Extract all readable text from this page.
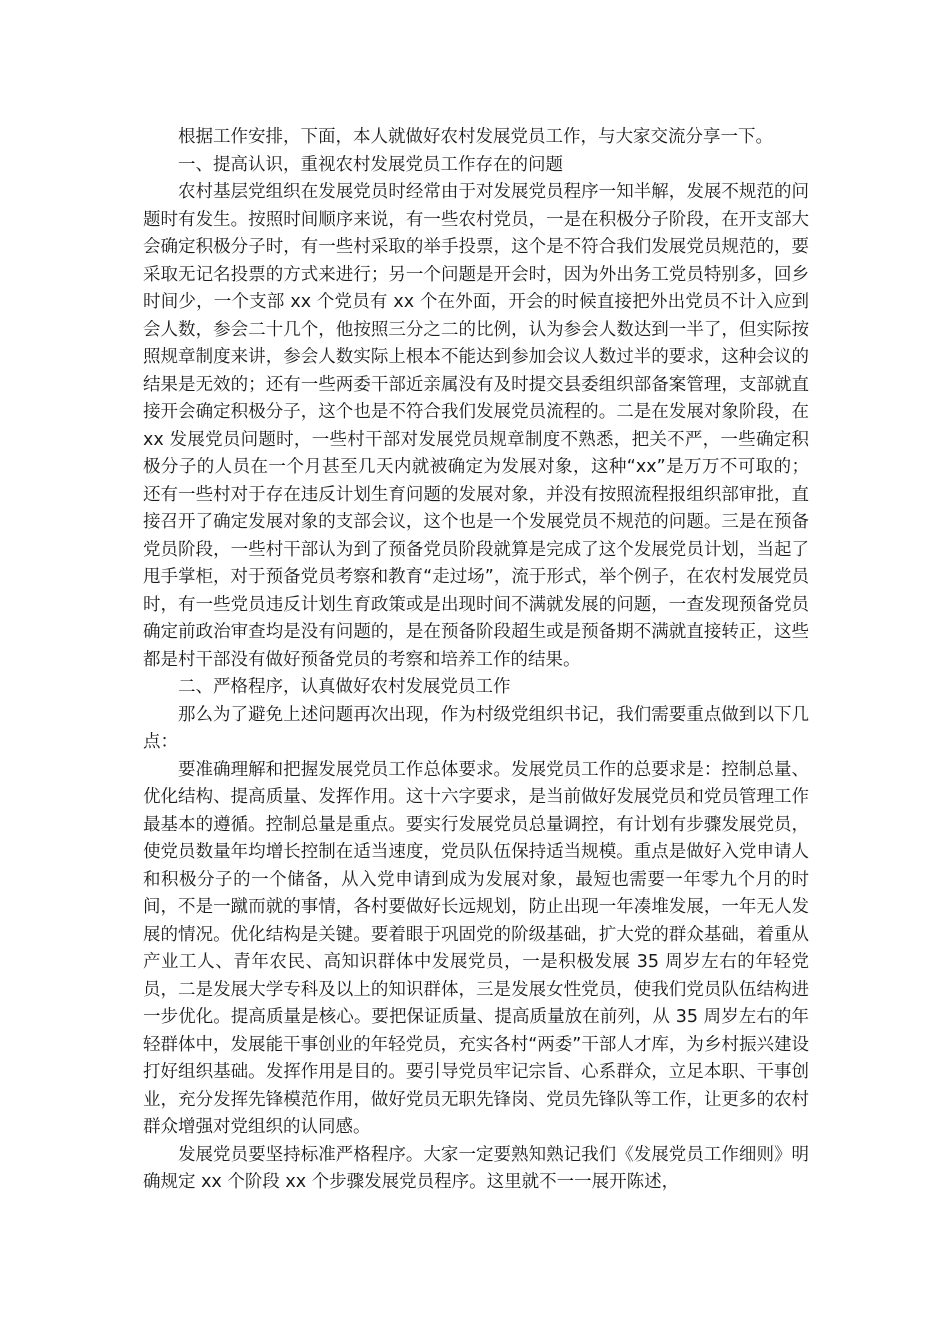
根据工作安排，下面，本人就做好农村发展党员工作，与大家交流分享一下。

一、提高认识，重视农村发展党员工作存在的问题

农村基层党组织在发展党员时经常由于对发展党员程序一知半解，发展不规范的问题时有发生。按照时间顺序来说，有一些农村党员，一是在积极分子阶段，在开支部大会确定积极分子时，有一些村采取的举手投票，这个是不符合我们发展党员规范的，要采取无记名投票的方式来进行；另一个问题是开会时，因为外出务工党员特别多，回乡时间少，一个支部 xx 个党员有 xx 个在外面，开会的时候直接把外出党员不计入应到会人数，参会二十几个，他按照三分之二的比例，认为参会人数达到一半了，但实际按照规章制度来讲，参会人数实际上根本不能达到参加会议人数过半的要求，这种会议的结果是无效的；还有一些两委干部近亲属没有及时提交县委组织部备案管理，支部就直接开会确定积极分子，这个也是不符合我们发展党员流程的。二是在发展对象阶段，在 xx 发展党员问题时，一些村干部对发展党员规章制度不熟悉，把关不严，一些确定积极分子的人员在一个月甚至几天内就被确定为发展对象，这种“xx”是万万不可取的；还有一些村对于存在违反计划生育问题的发展对象，并没有按照流程报组织部审批，直接召开了确定发展对象的支部会议，这个也是一个发展党员不规范的问题。三是在预备党员阶段，一些村干部认为到了预备党员阶段就算是完成了这个发展党员计划，当起了甩手掌柜，对于预备党员考察和教育“走过场”，流于形式，举个例子，在农村发展党员时，有一些党员违反计划生育政策或是出现时间不满就发展的问题，一查发现预备党员确定前政治审查均是没有问题的，是在预备阶段超生或是预备期不满就直接转正，这些都是村干部没有做好预备党员的考察和培养工作的结果。

二、严格程序，认真做好农村发展党员工作

那么为了避免上述问题再次出现，作为村级党组织书记，我们需要重点做到以下几点：

要准确理解和把握发展党员工作总体要求。发展党员工作的总要求是：控制总量、优化结构、提高质量、发挥作用。这十六字要求，是当前做好发展党员和党员管理工作最基本的遵循。控制总量是重点。要实行发展党员总量调控，有计划有步骤发展党员，使党员数量年均增长控制在适当速度，党员队伍保持适当规模。重点是做好入党申请人和积极分子的一个储备，从入党申请到成为发展对象，最短也需要一年零九个月的时间，不是一蹴而就的事情，各村要做好长远规划，防止出现一年凑堆发展，一年无人发展的情况。优化结构是关键。要着眼于巩固党的阶级基础，扩大党的群众基础，着重从产业工人、青年农民、高知识群体中发展党员，一是积极发展 35 周岁左右的年轻党员，二是发展大学专科及以上的知识群体，三是发展女性党员，使我们党员队伍结构进一步优化。提高质量是核心。要把保证质量、提高质量放在前列，从 35 周岁左右的年轻群体中，发展能干事创业的年轻党员，充实各村“两委”干部人才库，为乡村振兴建设打好组织基础。发挥作用是目的。要引导党员牢记宗旨、心系群众，立足本职、干事创业，充分发挥先锋模范作用，做好党员无职先锋岗、党员先锋队等工作，让更多的农村群众增强对党组织的认同感。

发展党员要坚持标准严格程序。大家一定要熟知熟记我们《发展党员工作细则》明确规定 xx 个阶段 xx 个步骤发展党员程序。这里就不一一展开陈述，
